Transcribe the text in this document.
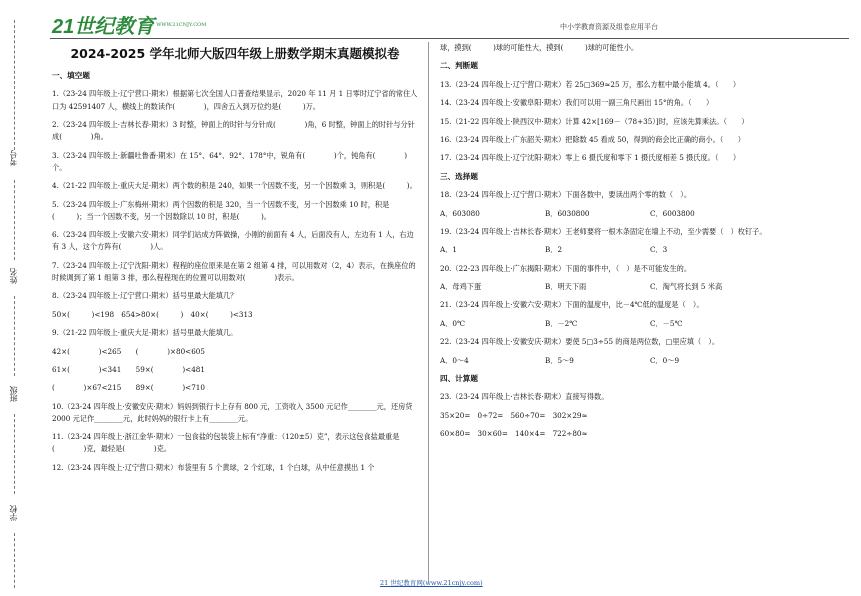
21世纪教育 WWW.21CNJY.COM	中小学教育资源及组卷应用平台
考号
姓名
班级
学校
2024-2025 学年北师大版四年级上册数学期末真题模拟卷
一、填空题

1.（23-24 四年级上·辽宁营口·期末）根据第七次全国人口普查结果显示，2020 年 11 月 1 日零时辽宁省的常住人口为 42591407 人，横线上的数读作(　　　　)，四舍五入到万位约是(　　　)万。

2.（23-24 四年级上·吉林长春·期末）3 时整，钟面上的时针与分针成(　　　　)角，6 时整，钟面上的时针与分针成(　　　　)角。

3.（23-24 四年级上·新疆吐鲁番·期末）在 15°、64°、92°、178°中，锐角有(　　　　)个，钝角有(　　　　)个。

4.（21-22 四年级上·重庆大足·期末）两个数的积是 240，如果一个因数不变，另一个因数乘 3，则积是(　　　)。

5.（23-24 四年级上·广东梅州·期末）两个因数的积是 320，当一个因数不变，另一个因数乘 10 时，积是(　　　)；当一个因数不变，另一个因数除以 10 时，积是(　　　)。

6.（23-24 四年级上·安徽六安·期末）同学们站成方阵做操，小刚的前面有 4 人，后面没有人，左边有 1 人，右边有 3 人，这个方阵有(　　　　)人。

7.（23-24 四年级上·辽宁沈阳·期末）程程的座位原来是在第 2 组第 4 排，可以用数对（2，4）表示，在换座位的时候调到了第 1 组第 3 排，那么程程现在的位置可以用数对(　　　　)表示。

8.（23-24 四年级上·辽宁营口·期末）括号里最大能填几？

50×(　　　)<198　654>80×(　　　)　40×(　　　)<313

9.（21-22 四年级上·重庆大足·期末）括号里最大能填几。

42×(　　　　)<265　　(　　　　)×80<605

61×(　　　　)<341　　59×(　　　　)<481

(　　　　)×67<215　　89×(　　　　)<710

10.（23-24 四年级上·安徽安庆·期末）妈妈到银行卡上存有 800 元，工资收入 3500 元记作________元，还房贷 2000 元记作________元，此时妈妈的银行卡上有________元。

11.（23-24 四年级上·浙江金华·期末）一包食盐的包装袋上标有“净重：（120±5）克”，表示这包食盐最重是(　　　　)克，最轻是(　　　　)克。

12.（23-24 四年级上·辽宁营口·期末）布袋里有 5 个黄球，2 个红球，1 个白球，从中任意摸出 1 个

球，摸到(　　　)球的可能性大，摸到(　　　)球的可能性小。

二、判断题

13.（23-24 四年级上·辽宁营口·期末）若 25□369≈25 万，那么方框中最小能填 4。（　　）

14.（23-24 四年级上·安徽阜阳·期末）我们可以用一副三角尺画出 15°的角。（　　）

15.（21-22 四年级上·陕西汉中·期末）计算 42×[169－（78+35）]时，应该先算乘法。（　　）

16.（23-24 四年级上·广东韶关·期末）把除数 45 看成 50，得到的商会比正确的商小。（　　）

17.（23-24 四年级上·辽宁沈阳·期末）零上 6 摄氏度和零下 1 摄氏度相差 5 摄氏度。（　　）

三、选择题

18.（23-24 四年级上·辽宁营口·期末）下面各数中，要读出两个零的数（　）。

A．603080	B．6030800	C．6003800

19.（23-24 四年级上·吉林长春·期末）王老师要将一根木条固定在墙上不动，至少需要（　）枚钉子。

A．1	B．2	C．3

20.（22-23 四年级上·广东揭阳·期末）下面的事件中，（　）是不可能发生的。

A．母鸡下蛋	B．明天下雨	C．淘气将长到 5 米高

21.（23-24 四年级上·安徽六安·期末）下面的温度中，比－4℃低的温度是（　）。

A．0℃	B．－2℃	C．－5℃

22.（23-24 四年级上·安徽安庆·期末）要使 5□3÷55 的商是两位数，□里应填（　）。

A．0～4	B．5～9	C．0～9

四、计算题

23.（23-24 四年级上·吉林长春·期末）直接写得数。

35×20=　0÷72=　560÷70=　302×29≈

60×80=　30×60=　140×4=　722÷80≈

21 世纪教育网(www.21cnjy.com)
